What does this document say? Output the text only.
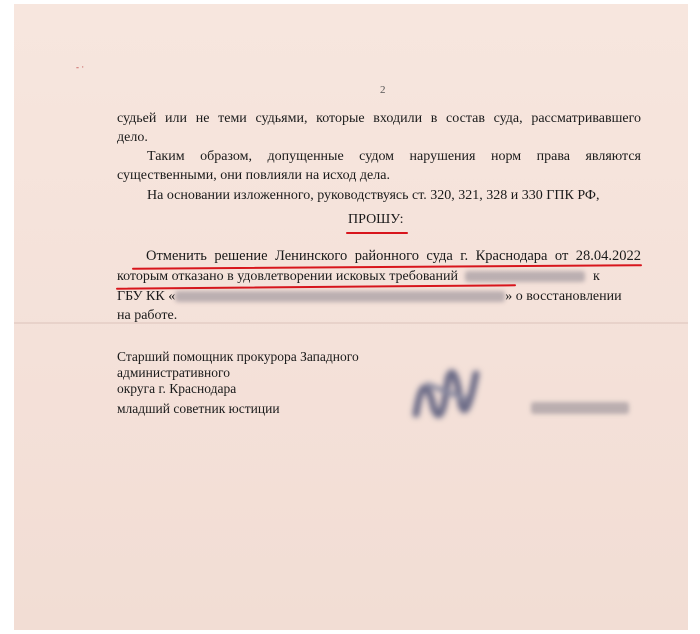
- ·
2
судьей или не теми судьями, которые входили в состав суда, рассматривавшего
дело.
Таким образом, допущенные судом нарушения норм права являются
существенными, они повлияли на исход дела.
На основании изложенного, руководствуясь ст. 320, 321, 328 и 330 ГПК РФ,
ПРОШУ:
Отменить решение Ленинского районного суда г. Краснодара от 28.04.2022
которым отказано в удовлетворении исковых требований	к
ГБУ КК «	» о восстановлении
на работе.
Старший помощник прокурора Западного
административного
округа г. Краснодара
младший советник юстиции
